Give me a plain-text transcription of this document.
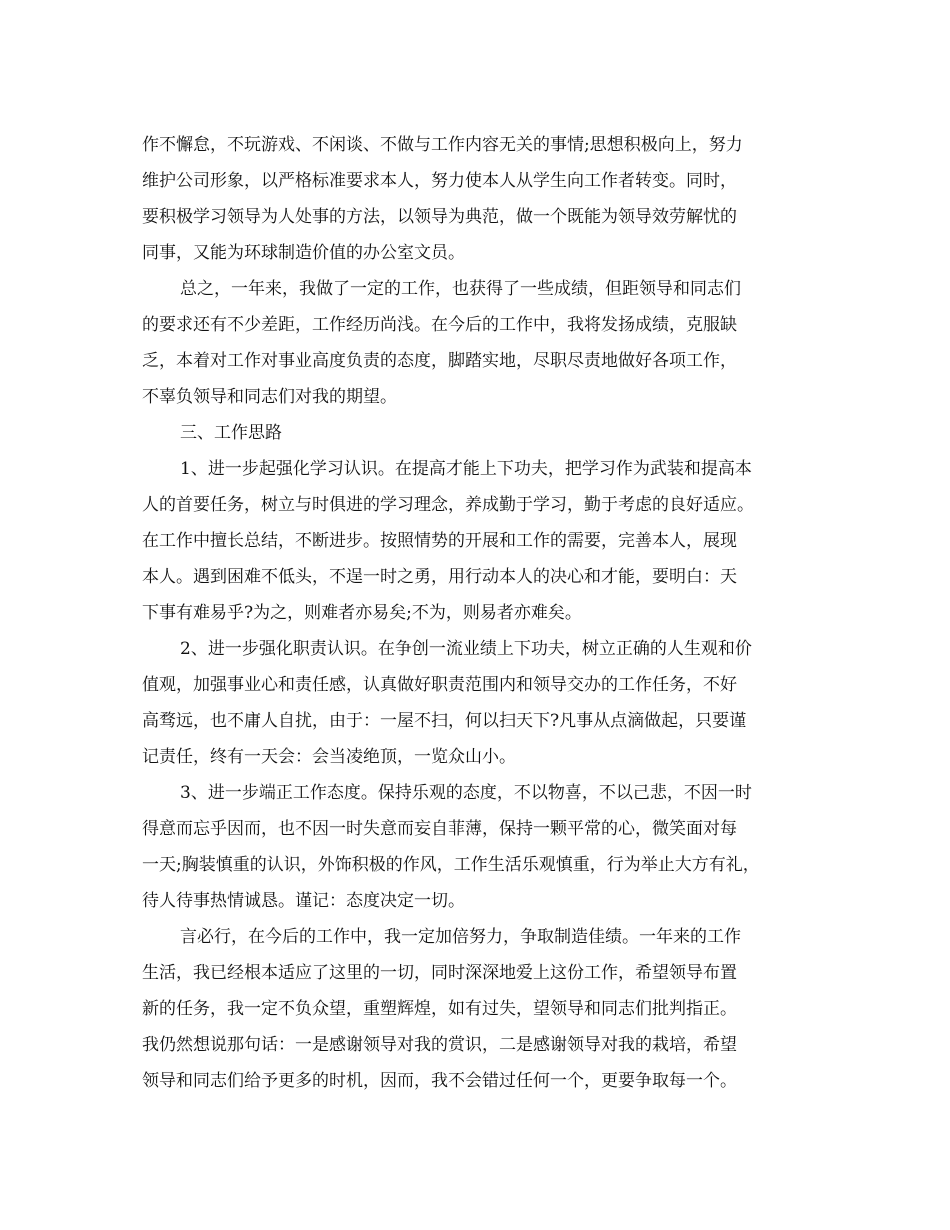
作不懈怠，不玩游戏、不闲谈、不做与工作内容无关的事情;思想积极向上，努力
维护公司形象，以严格标准要求本人，努力使本人从学生向工作者转变。同时，
要积极学习领导为人处事的方法，以领导为典范，做一个既能为领导效劳解忧的
同事，又能为环球制造价值的办公室文员。
总之，一年来，我做了一定的工作，也获得了一些成绩，但距领导和同志们
的要求还有不少差距，工作经历尚浅。在今后的工作中，我将发扬成绩，克服缺
乏，本着对工作对事业高度负责的态度，脚踏实地，尽职尽责地做好各项工作，
不辜负领导和同志们对我的期望。
三、工作思路
1、进一步起强化学习认识。在提高才能上下功夫，把学习作为武装和提高本
人的首要任务，树立与时俱进的学习理念，养成勤于学习，勤于考虑的良好适应。
在工作中擅长总结，不断进步。按照情势的开展和工作的需要，完善本人，展现
本人。遇到困难不低头，不逞一时之勇，用行动本人的决心和才能，要明白：天
下事有难易乎?为之，则难者亦易矣;不为，则易者亦难矣。
2、进一步强化职责认识。在争创一流业绩上下功夫，树立正确的人生观和价
值观，加强事业心和责任感，认真做好职责范围内和领导交办的工作任务，不好
高骛远，也不庸人自扰，由于：一屋不扫，何以扫天下?凡事从点滴做起，只要谨
记责任，终有一天会：会当凌绝顶，一览众山小。
3、进一步端正工作态度。保持乐观的态度，不以物喜，不以己悲，不因一时
得意而忘乎因而，也不因一时失意而妄自菲薄，保持一颗平常的心，微笑面对每
一天;胸装慎重的认识，外饰积极的作风，工作生活乐观慎重，行为举止大方有礼，
待人待事热情诚恳。谨记：态度决定一切。
言必行，在今后的工作中，我一定加倍努力，争取制造佳绩。一年来的工作
生活，我已经根本适应了这里的一切，同时深深地爱上这份工作，希望领导布置
新的任务，我一定不负众望，重塑辉煌，如有过失，望领导和同志们批判指正。
我仍然想说那句话：一是感谢领导对我的赏识，二是感谢领导对我的栽培，希望
领导和同志们给予更多的时机，因而，我不会错过任何一个，更要争取每一个。
